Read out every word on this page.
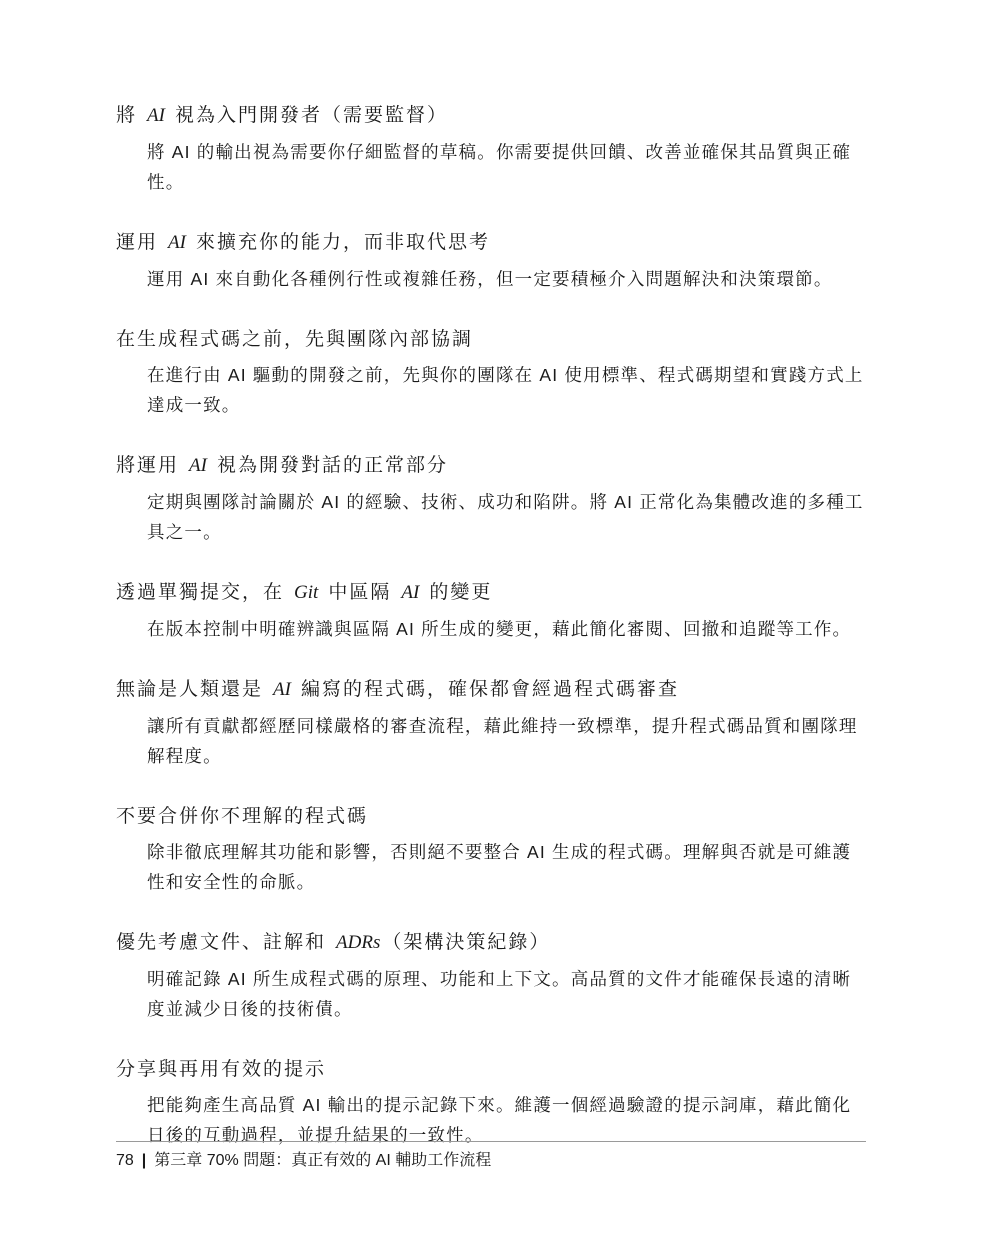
將 AI 視為入門開發者（需要監督）
將 AI 的輸出視為需要你仔細監督的草稿。你需要提供回饋、改善並確保其品質與正確性。
運用 AI 來擴充你的能力，而非取代思考
運用 AI 來自動化各種例行性或複雜任務，但一定要積極介入問題解決和決策環節。
在生成程式碼之前，先與團隊內部協調
在進行由 AI 驅動的開發之前，先與你的團隊在 AI 使用標準、程式碼期望和實踐方式上達成一致。
將運用 AI 視為開發對話的正常部分
定期與團隊討論關於 AI 的經驗、技術、成功和陷阱。將 AI 正常化為集體改進的多種工具之一。
透過單獨提交，在 Git 中區隔 AI 的變更
在版本控制中明確辨識與區隔 AI 所生成的變更，藉此簡化審閱、回撤和追蹤等工作。
無論是人類還是 AI 編寫的程式碼，確保都會經過程式碼審查
讓所有貢獻都經歷同樣嚴格的審查流程，藉此維持一致標準，提升程式碼品質和團隊理解程度。
不要合併你不理解的程式碼
除非徹底理解其功能和影響，否則絕不要整合 AI 生成的程式碼。理解與否就是可維護性和安全性的命脈。
優先考慮文件、註解和 ADRs （架構決策紀錄）
明確記錄 AI 所生成程式碼的原理、功能和上下文。高品質的文件才能確保長遠的清晰度並減少日後的技術債。
分享與再用有效的提示
把能夠產生高品質 AI 輸出的提示記錄下來。維護一個經過驗證的提示詞庫，藉此簡化日後的互動過程，並提升結果的一致性。
78 | 第三章 70% 問題：真正有效的 AI 輔助工作流程
